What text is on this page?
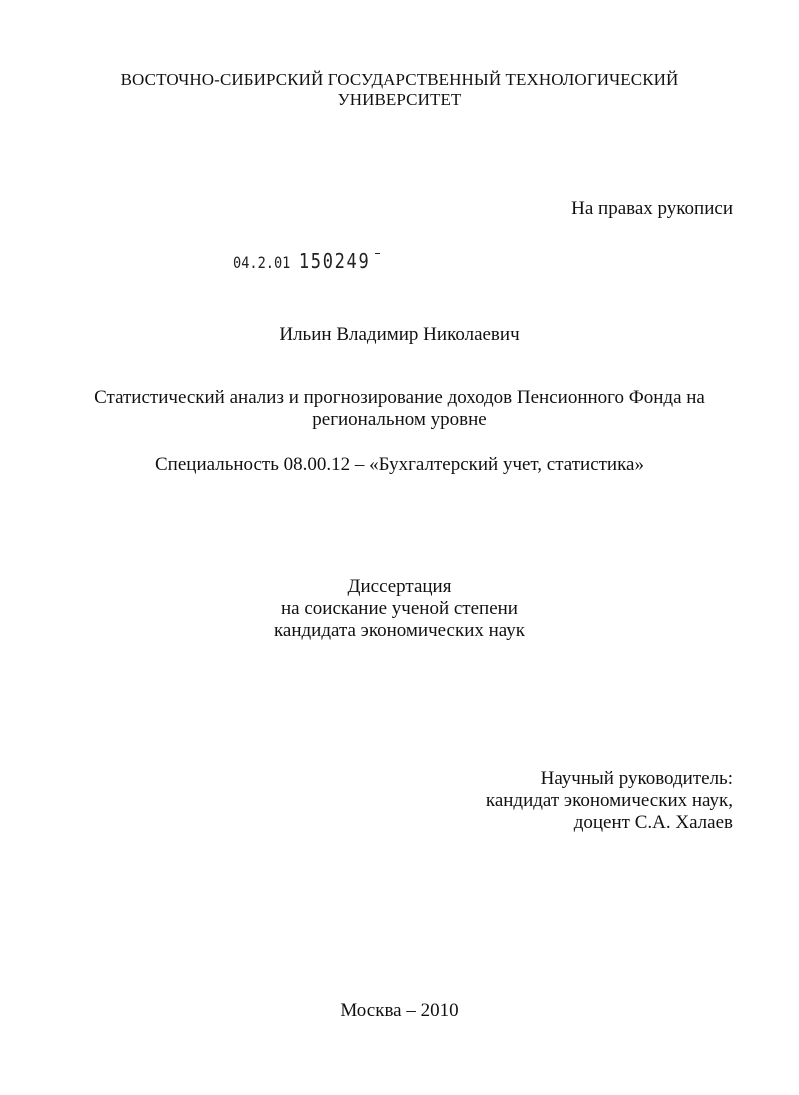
ВОСТОЧНО-СИБИРСКИЙ ГОСУДАРСТВЕННЫЙ ТЕХНОЛОГИЧЕСКИЙ
УНИВЕРСИТЕТ
На правах рукописи
04.2.01 150249
Ильин Владимир Николаевич
Статистический анализ и прогнозирование доходов Пенсионного Фонда на
региональном уровне
Специальность 08.00.12 – «Бухгалтерский учет, статистика»
Диссертация
на соискание ученой степени
кандидата экономических наук
Научный руководитель:
кандидат экономических наук,
доцент С.А. Халаев
Москва – 2010
